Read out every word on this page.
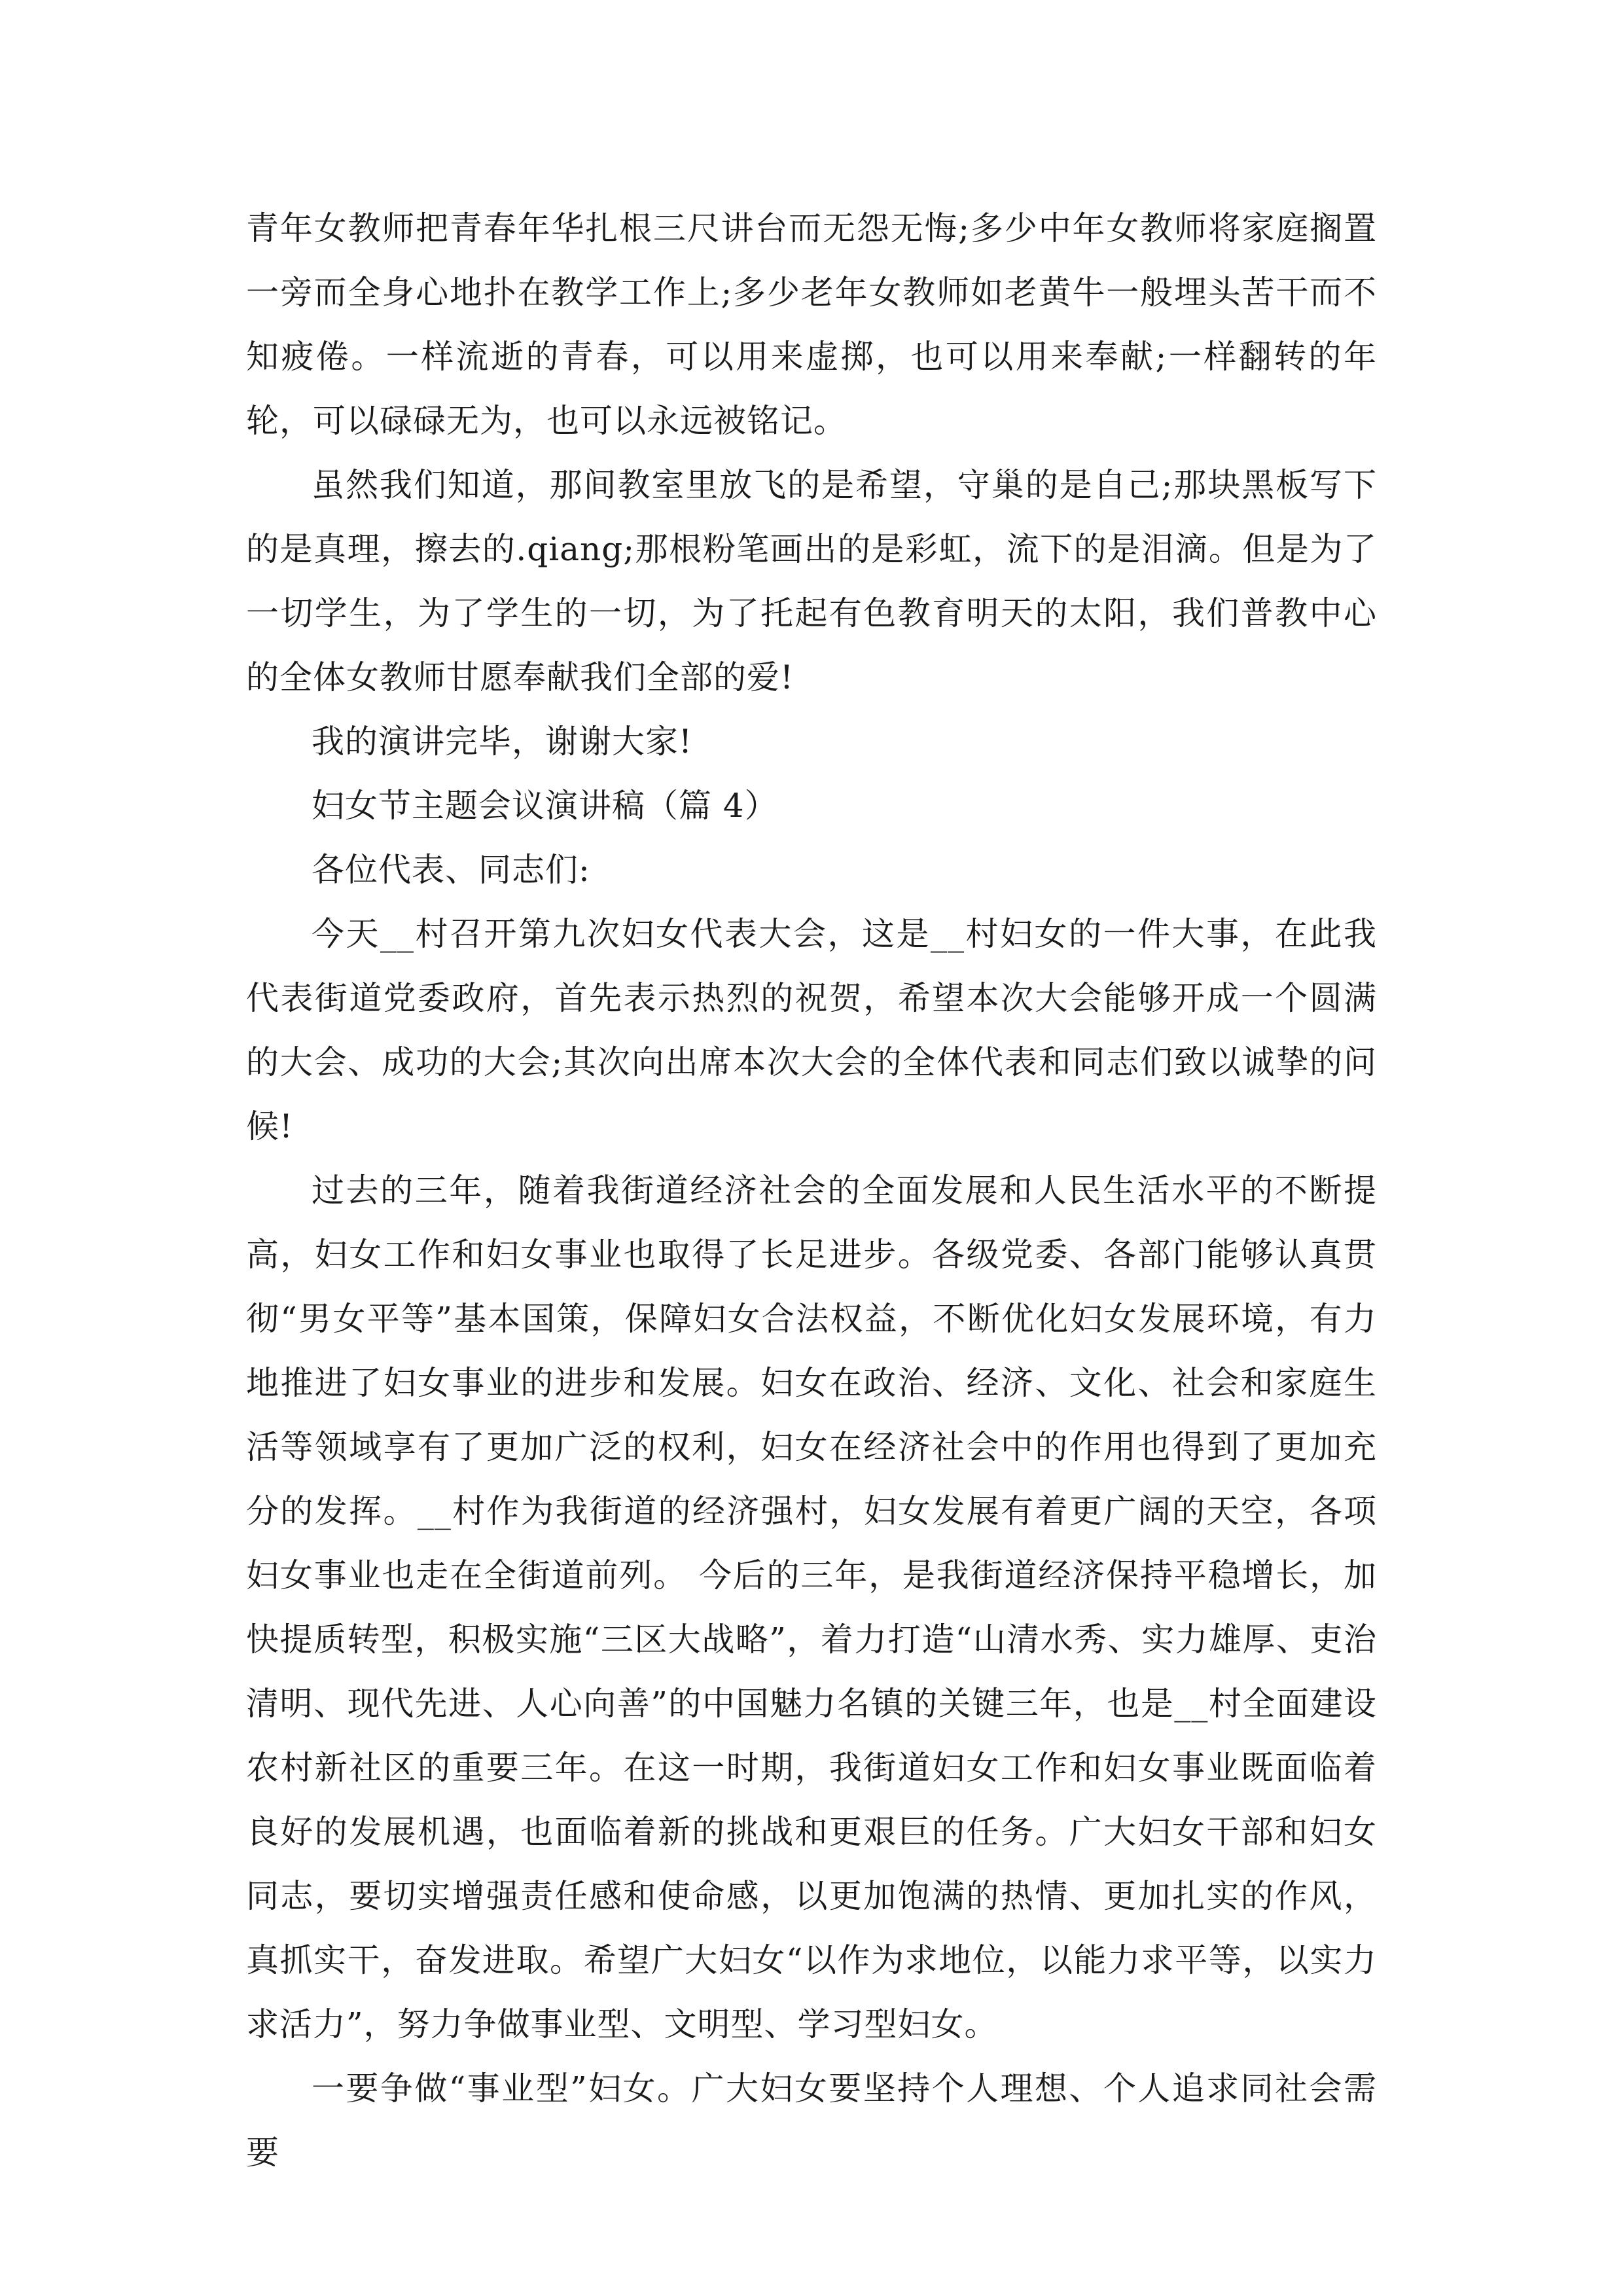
青年女教师把青春年华扎根三尺讲台而无怨无悔;多少中年女教师将家庭搁置一旁而全身心地扑在教学工作上;多少老年女教师如老黄牛一般埋头苦干而不知疲倦。一样流逝的青春，可以用来虚掷，也可以用来奉献;一样翻转的年轮，可以碌碌无为，也可以永远被铭记。

虽然我们知道，那间教室里放飞的是希望，守巢的是自己;那块黑板写下的是真理，擦去的.qiang;那根粉笔画出的是彩虹，流下的是泪滴。但是为了一切学生，为了学生的一切，为了托起有色教育明天的太阳，我们普教中心的全体女教师甘愿奉献我们全部的爱!

我的演讲完毕，谢谢大家!

妇女节主题会议演讲稿（篇 4）

各位代表、同志们:

今天__村召开第九次妇女代表大会，这是__村妇女的一件大事，在此我代表街道党委政府，首先表示热烈的祝贺，希望本次大会能够开成一个圆满的大会、成功的大会;其次向出席本次大会的全体代表和同志们致以诚挚的问候!

过去的三年，随着我街道经济社会的全面发展和人民生活水平的不断提高，妇女工作和妇女事业也取得了长足进步。各级党委、各部门能够认真贯彻“男女平等”基本国策，保障妇女合法权益，不断优化妇女发展环境，有力地推进了妇女事业的进步和发展。妇女在政治、经济、文化、社会和家庭生活等领域享有了更加广泛的权利，妇女在经济社会中的作用也得到了更加充分的发挥。__村作为我街道的经济强村，妇女发展有着更广阔的天空，各项妇女事业也走在全街道前列。 今后的三年，是我街道经济保持平稳增长，加快提质转型，积极实施“三区大战略”，着力打造“山清水秀、实力雄厚、吏治清明、现代先进、人心向善”的中国魅力名镇的关键三年，也是__村全面建设农村新社区的重要三年。在这一时期，我街道妇女工作和妇女事业既面临着良好的发展机遇，也面临着新的挑战和更艰巨的任务。广大妇女干部和妇女同志，要切实增强责任感和使命感，以更加饱满的热情、更加扎实的作风，真抓实干，奋发进取。希望广大妇女“以作为求地位，以能力求平等，以实力求活力”，努力争做事业型、文明型、学习型妇女。

一要争做“事业型”妇女。广大妇女要坚持个人理想、个人追求同社会需要
